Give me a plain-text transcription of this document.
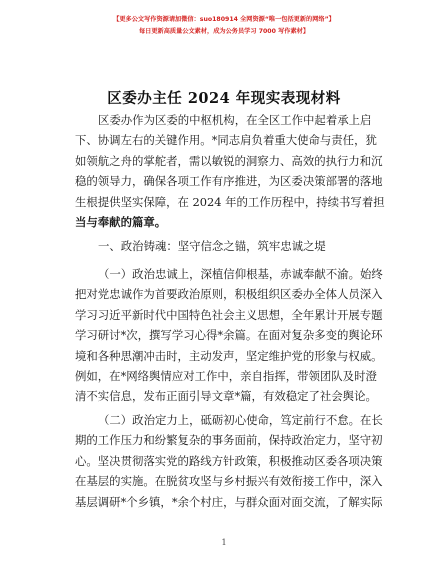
【更多公文写作资源请加微信：suo180914 全网资源“唯一包括更新的网络”】
每日更新高质量公文素材，成为公务员学习 7000 写作素材】
区委办主任 2024 年现实表现材料
区委办作为区委的中枢机构，在全区工作中起着承上启
下、协调左右的关键作用。*同志肩负着重大使命与责任，犹
如领航之舟的掌舵者，需以敏锐的洞察力、高效的执行力和沉
稳的领导力，确保各项工作有序推进，为区委决策部署的落地
生根提供坚实保障，在 2024 年的工作历程中，持续书写着担
当与奉献的篇章。
一、政治铸魂：坚守信念之锚，筑牢忠诚之堤
（一）政治忠诚上，深植信仰根基，赤诚奉献不渝。始终
把对党忠诚作为首要政治原则，积极组织区委办全体人员深入
学习习近平新时代中国特色社会主义思想，全年累计开展专题
学习研讨*次，撰写学习心得*余篇。在面对复杂多变的舆论环
境和各种思潮冲击时，主动发声，坚定维护党的形象与权威。
例如，在*网络舆情应对工作中，亲自指挥，带领团队及时澄
清不实信息，发布正面引导文章*篇，有效稳定了社会舆论。
（二）政治定力上，砥砺初心使命，笃定前行不怠。在长
期的工作压力和纷繁复杂的事务面前，保持政治定力，坚守初
心。坚决贯彻落实党的路线方针政策，积极推动区委各项决策
在基层的实施。在脱贫攻坚与乡村振兴有效衔接工作中，深入
基层调研*个乡镇，*余个村庄，与群众面对面交流，了解实际
1
